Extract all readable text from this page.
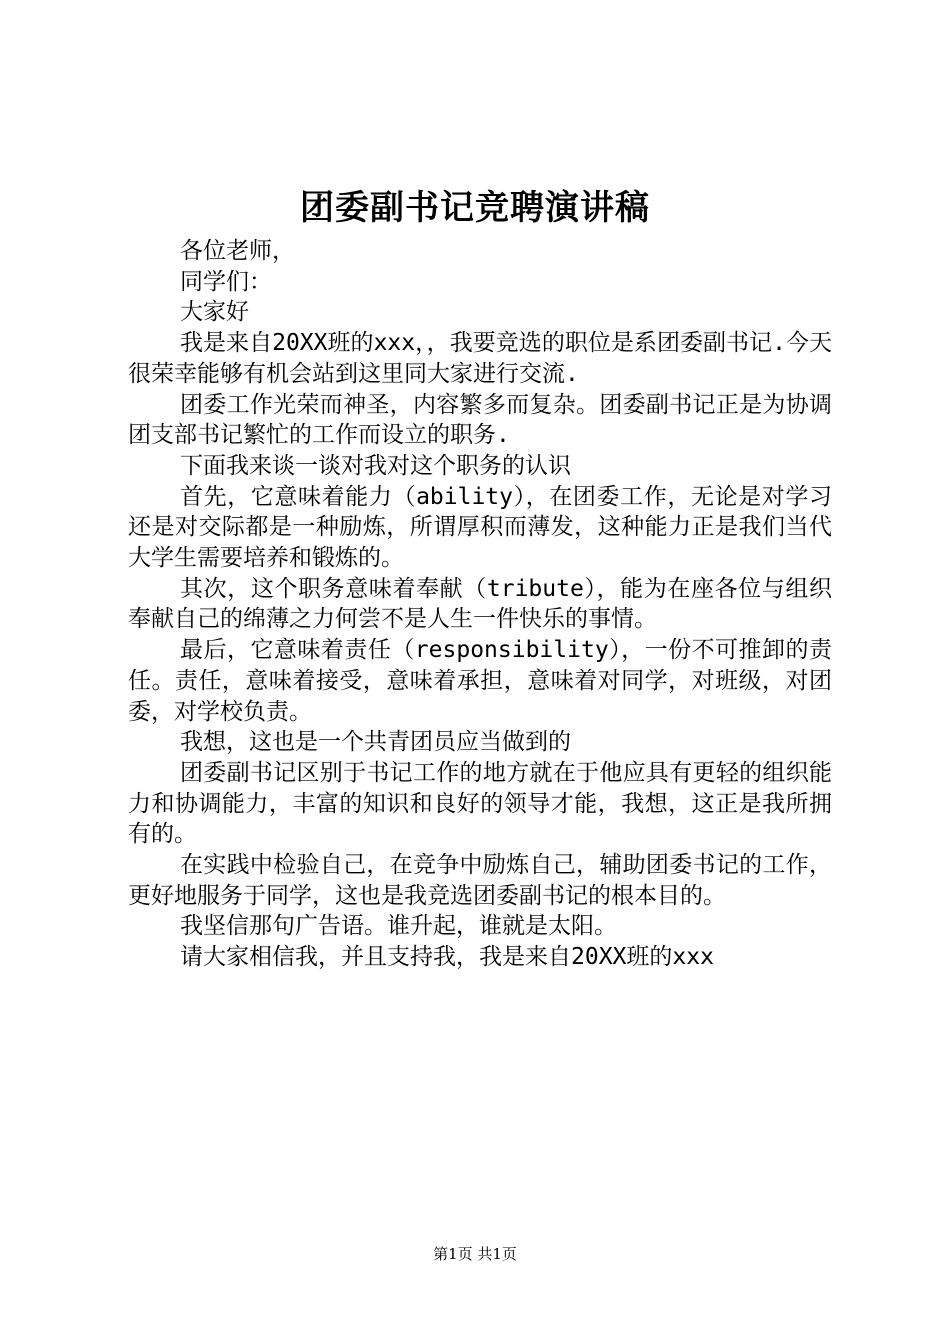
团委副书记竞聘演讲稿

各位老师，

同学们：

大家好

我是来自20XX班的xxx，，我要竞选的职位是系团委副书记.今天很荣幸能够有机会站到这里同大家进行交流.

团委工作光荣而神圣，内容繁多而复杂。团委副书记正是为协调团支部书记繁忙的工作而设立的职务.

下面我来谈一谈对我对这个职务的认识

首先，它意味着能力（ability），在团委工作，无论是对学习还是对交际都是一种励炼，所谓厚积而薄发，这种能力正是我们当代大学生需要培养和锻炼的。

其次，这个职务意味着奉献（tribute），能为在座各位与组织奉献自己的绵薄之力何尝不是人生一件快乐的事情。

最后，它意味着责任（responsibility），一份不可推卸的责任。责任，意味着接受，意味着承担，意味着对同学，对班级，对团委，对学校负责。

我想，这也是一个共青团员应当做到的

团委副书记区别于书记工作的地方就在于他应具有更轻的组织能力和协调能力，丰富的知识和良好的领导才能，我想，这正是我所拥有的。

在实践中检验自己，在竞争中励炼自己，辅助团委书记的工作，更好地服务于同学，这也是我竞选团委副书记的根本目的。

我坚信那句广告语。谁升起，谁就是太阳。

请大家相信我，并且支持我，我是来自20XX班的xxx

第1页 共1页
